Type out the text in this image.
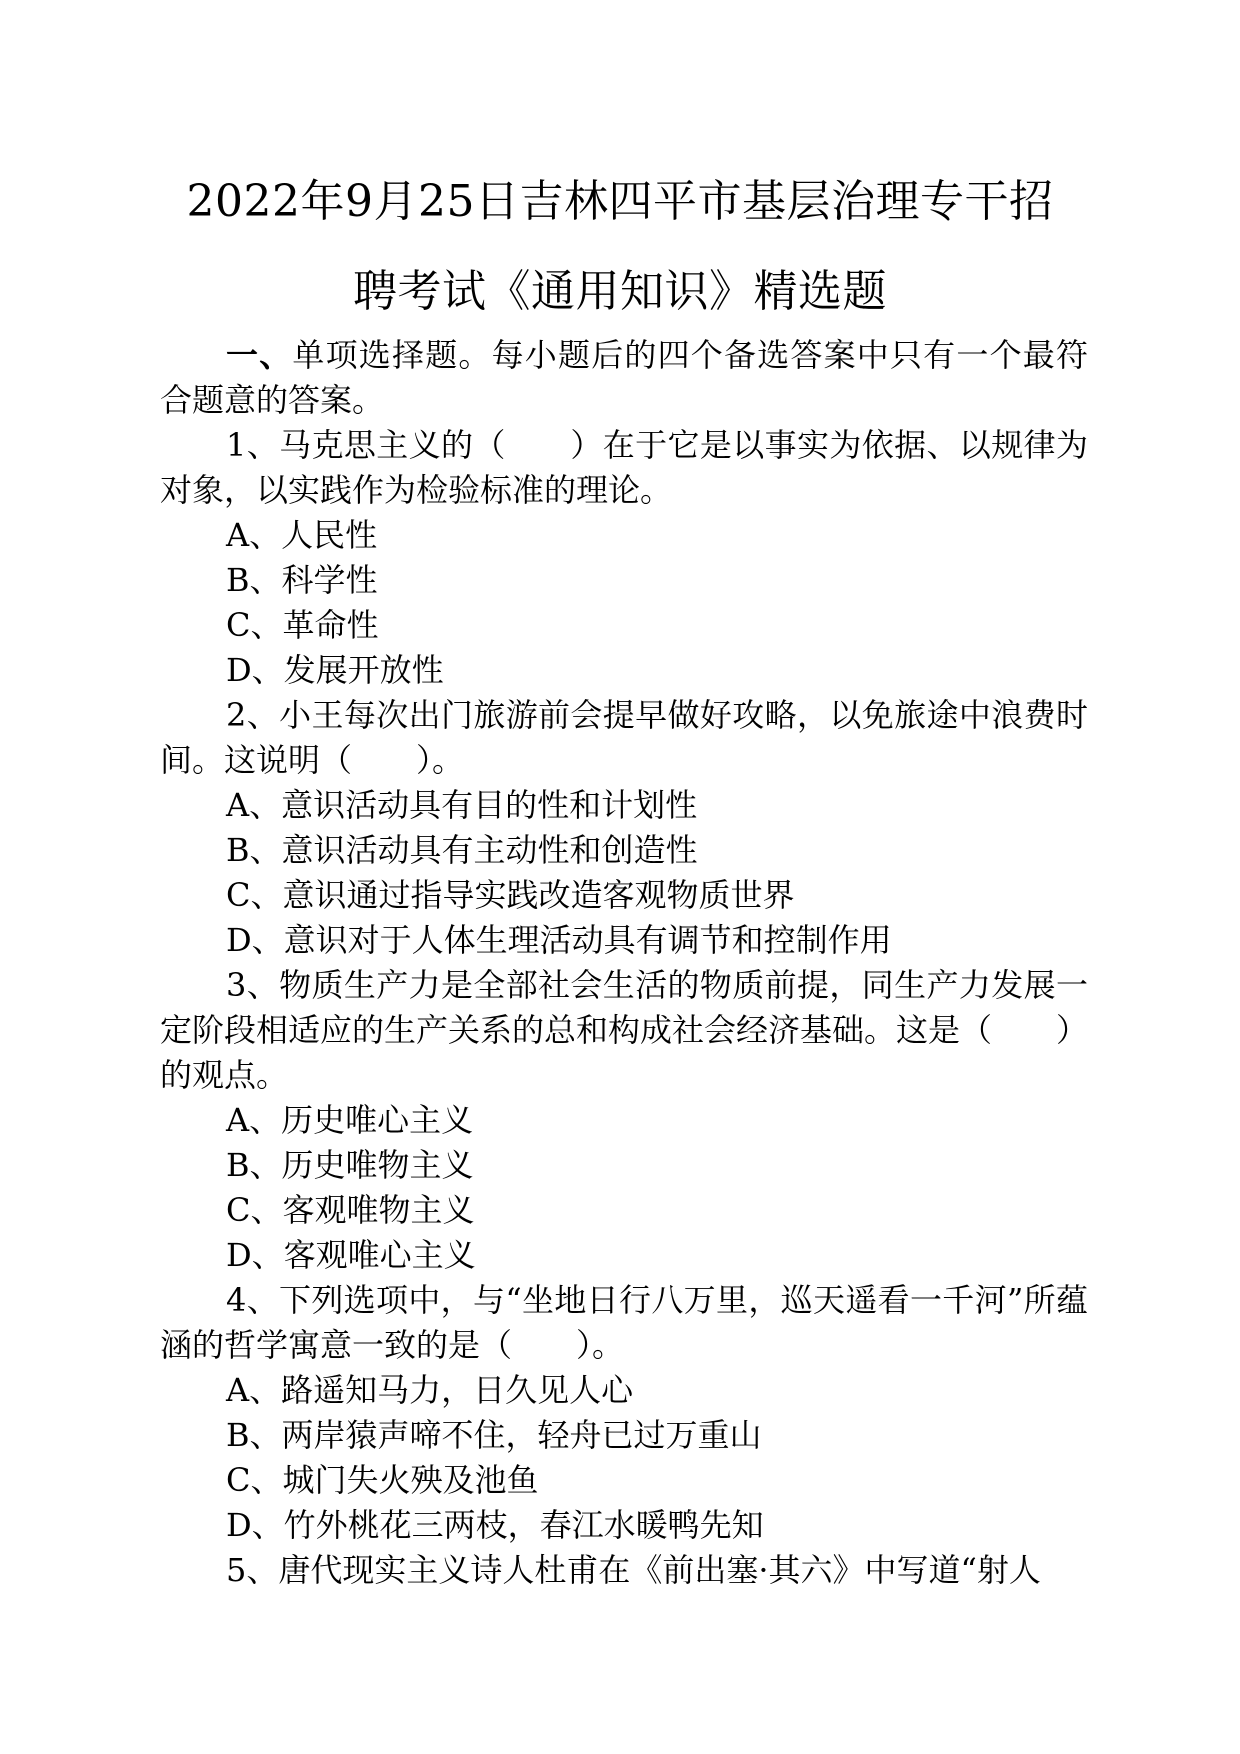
2022年9月25日吉林四平市基层治理专干招
聘考试《通用知识》精选题

一、单项选择题。每小题后的四个备选答案中只有一个最符合题意的答案。

1、马克思主义的（　　）在于它是以事实为依据、以规律为对象，以实践作为检验标准的理论。

A、人民性

B、科学性

C、革命性

D、发展开放性

2、小王每次出门旅游前会提早做好攻略，以免旅途中浪费时间。这说明（　　）。

A、意识活动具有目的性和计划性

B、意识活动具有主动性和创造性

C、意识通过指导实践改造客观物质世界

D、意识对于人体生理活动具有调节和控制作用

3、物质生产力是全部社会生活的物质前提，同生产力发展一定阶段相适应的生产关系的总和构成社会经济基础。这是（　　）的观点。

A、历史唯心主义

B、历史唯物主义

C、客观唯物主义

D、客观唯心主义

4、下列选项中，与“坐地日行八万里，巡天遥看一千河”所蕴涵的哲学寓意一致的是（　　）。

A、路遥知马力，日久见人心

B、两岸猿声啼不住，轻舟已过万重山

C、城门失火殃及池鱼

D、竹外桃花三两枝，春江水暖鸭先知

5、唐代现实主义诗人杜甫在《前出塞·其六》中写道“射人
